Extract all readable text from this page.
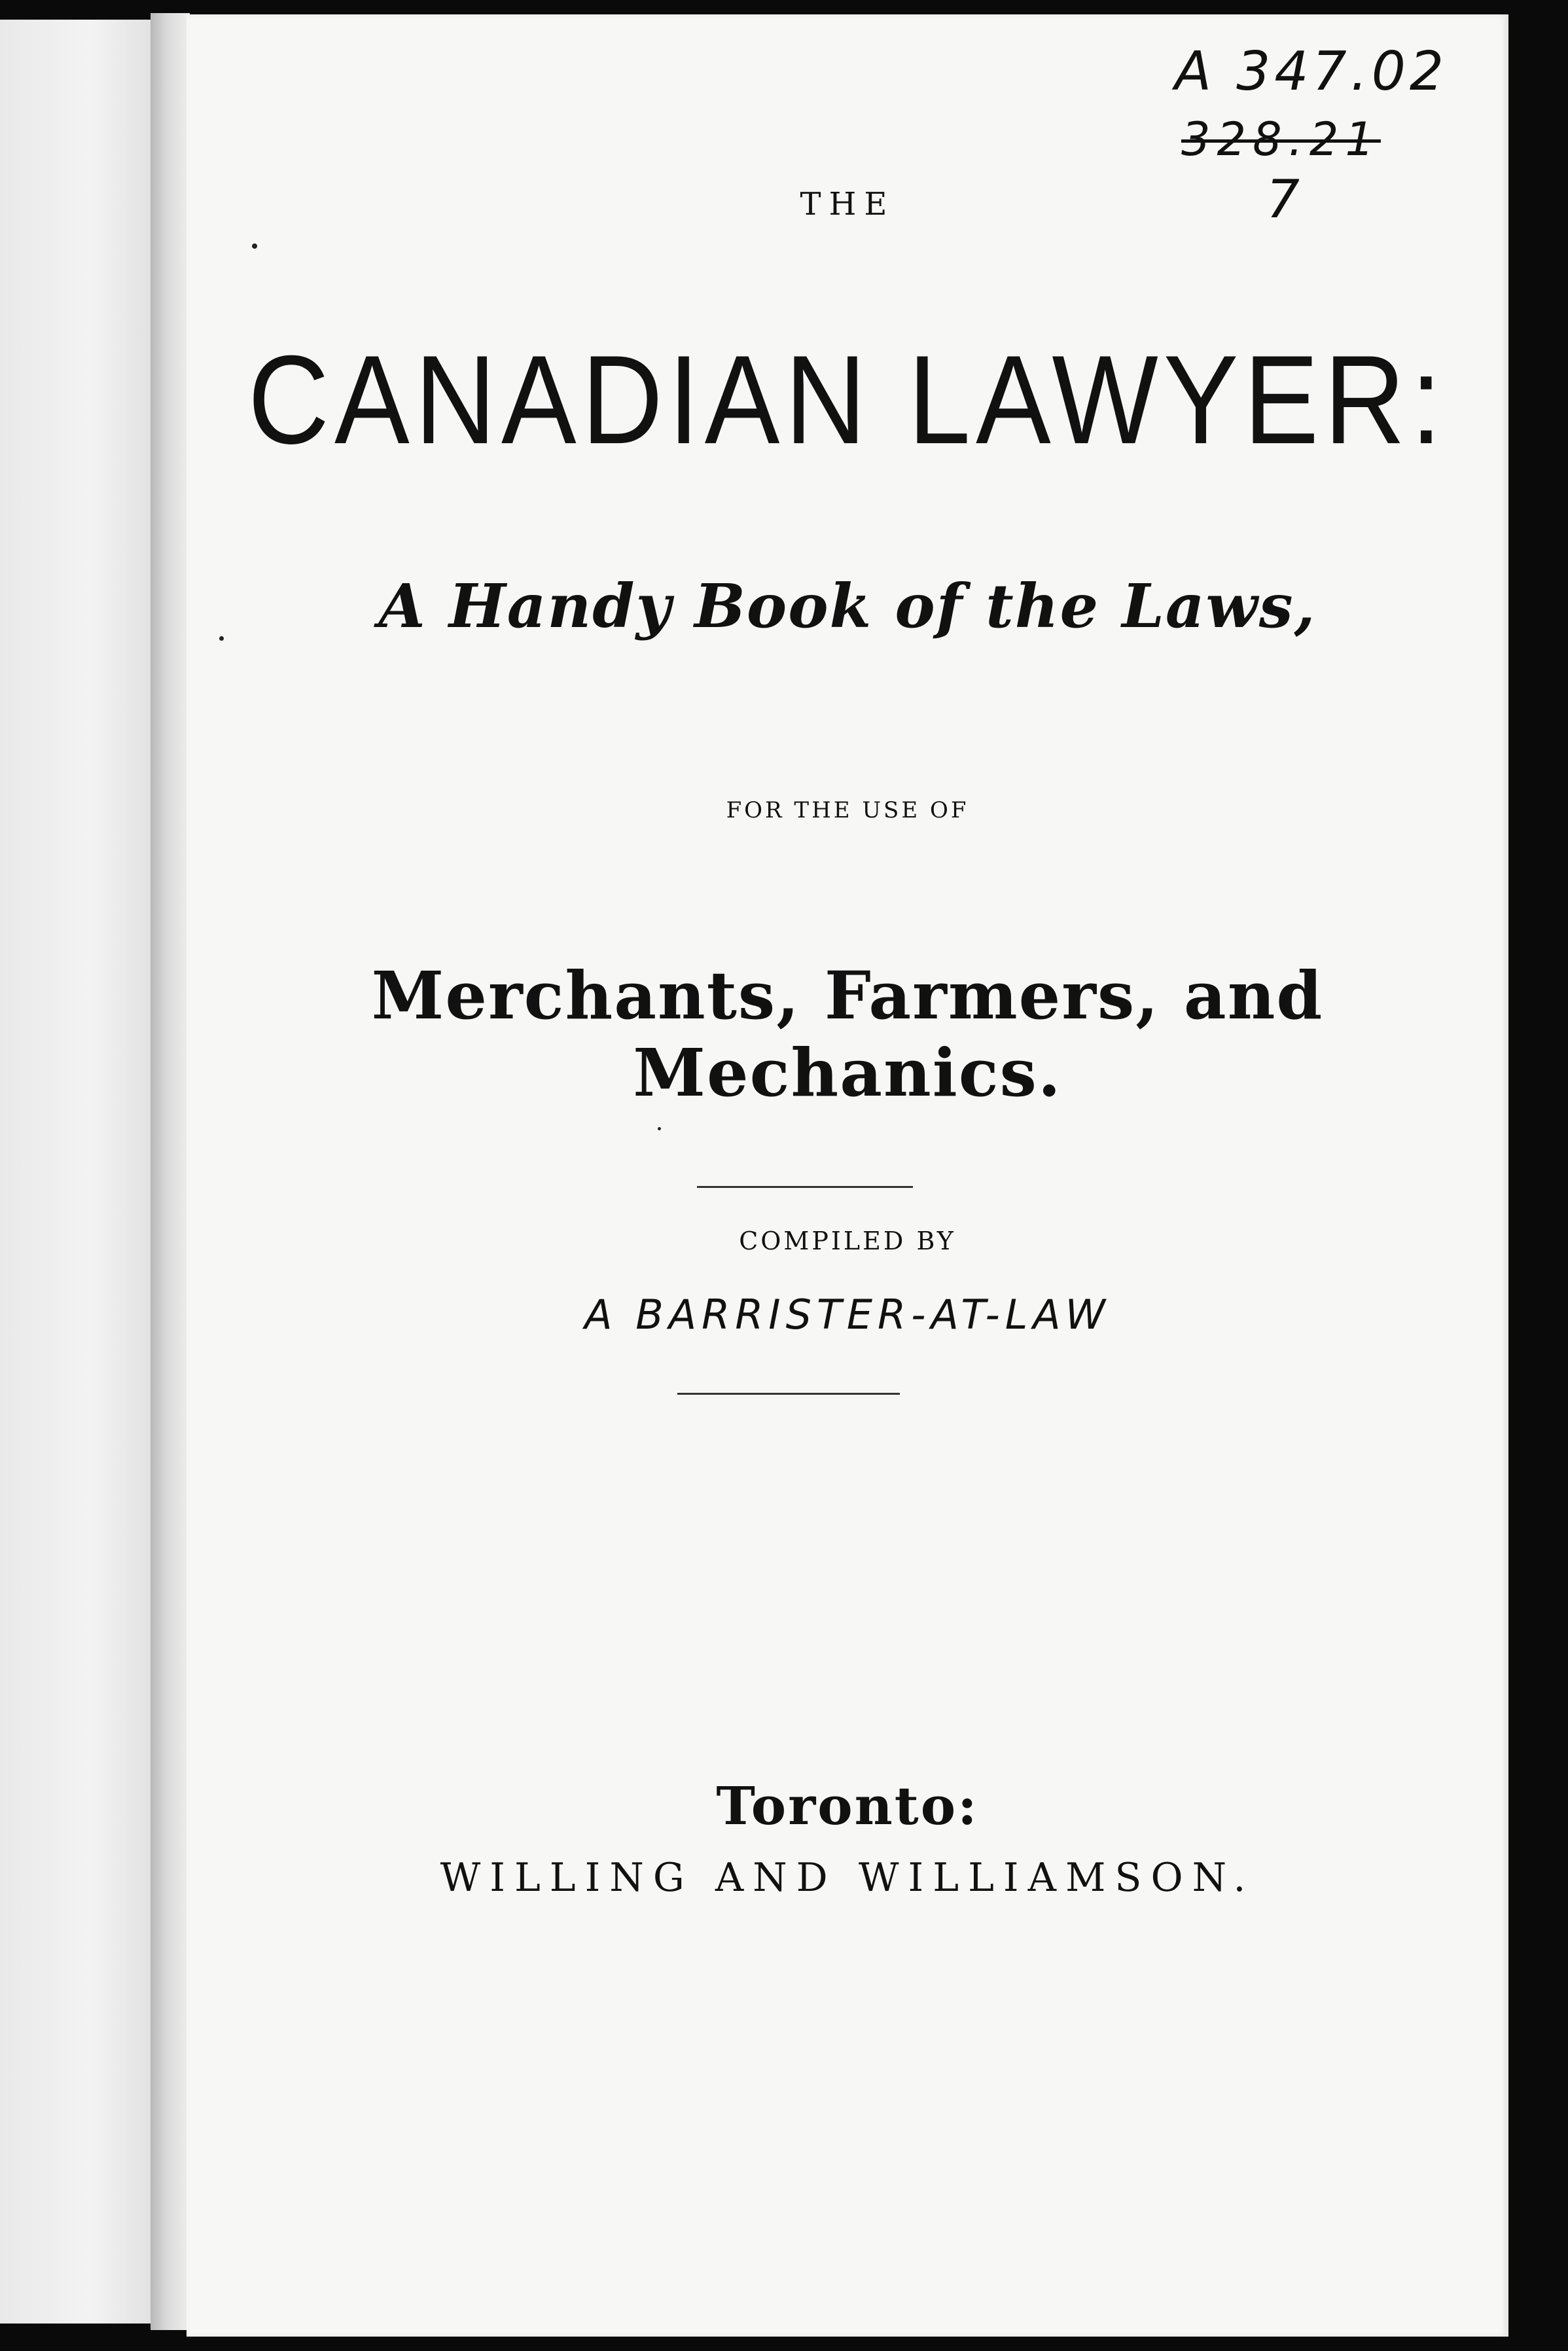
A 347.02
328.21
7
THE
CANADIAN LAWYER:
A Handy Book of the Laws,
FOR THE USE OF
Merchants, Farmers, and Mechanics.
COMPILED BY
A BARRISTER-AT-LAW
Toronto:
WILLING AND WILLIAMSON.
